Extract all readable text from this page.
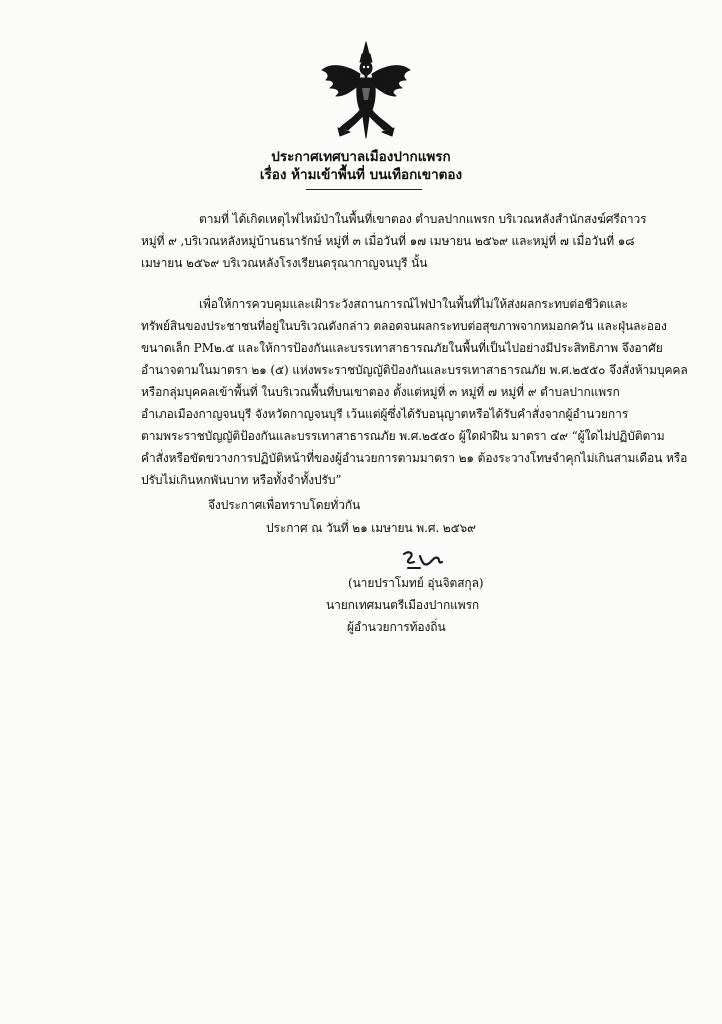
ประกาศเทศบาลเมืองปากแพรก
เรื่อง ห้ามเข้าพื้นที่ บนเทือกเขาตอง
ตามที่ ได้เกิดเหตุไฟไหม้ป่าในพื้นที่เขาตอง ตำบลปากแพรก บริเวณหลังสำนักสงฆ์ศรีถาวร
หมู่ที่ ๙ ,บริเวณหลังหมู่บ้านธนารักษ์ หมู่ที่ ๓ เมื่อวันที่ ๑๗ เมษายน ๒๕๖๙ และหมู่ที่ ๗ เมื่อวันที่ ๑๘
เมษายน ๒๕๖๙ บริเวณหลังโรงเรียนดรุณากาญจนบุรี นั้น
เพื่อให้การควบคุมและเฝ้าระวังสถานการณ์ไฟป่าในพื้นที่ไม่ให้ส่งผลกระทบต่อชีวิตและ
ทรัพย์สินของประชาชนที่อยู่ในบริเวณดังกล่าว ตลอดจนผลกระทบต่อสุขภาพจากหมอกควัน และฝุ่นละออง
ขนาดเล็ก PM๒.๕ และให้การป้องกันและบรรเทาสาธารณภัยในพื้นที่เป็นไปอย่างมีประสิทธิภาพ จึงอาศัย
อำนาจตามในมาตรา ๒๑ (๕) แห่งพระราชบัญญัติป้องกันและบรรเทาสาธารณภัย พ.ศ.๒๕๕๐ จึงสั่งห้ามบุคคล
หรือกลุ่มบุคคลเข้าพื้นที่ ในบริเวณพื้นที่บนเขาตอง ตั้งแต่หมู่ที่ ๓ หมู่ที่ ๗ หมู่ที่ ๙ ตำบลปากแพรก
อำเภอเมืองกาญจนบุรี จังหวัดกาญจนบุรี เว้นแต่ผู้ซึ่งได้รับอนุญาตหรือได้รับคำสั่งจากผู้อำนวยการ
ตามพระราชบัญญัติป้องกันและบรรเทาสาธารณภัย พ.ศ.๒๕๕๐ ผู้ใดฝ่าฝืน มาตรา ๔๙ “ผู้ใดไม่ปฏิบัติตาม
คำสั่งหรือขัดขวางการปฏิบัติหน้าที่ของผู้อำนวยการตามมาตรา ๒๑ ต้องระวางโทษจำคุกไม่เกินสามเดือน หรือ
ปรับไม่เกินหกพันบาท หรือทั้งจำทั้งปรับ”
จึงประกาศเพื่อทราบโดยทั่วกัน
ประกาศ ณ วันที่ ๒๑ เมษายน พ.ศ. ๒๕๖๙
(นายปราโมทย์ อุ่นจิตสกุล)
นายกเทศมนตรีเมืองปากแพรก
ผู้อำนวยการท้องถิ่น
